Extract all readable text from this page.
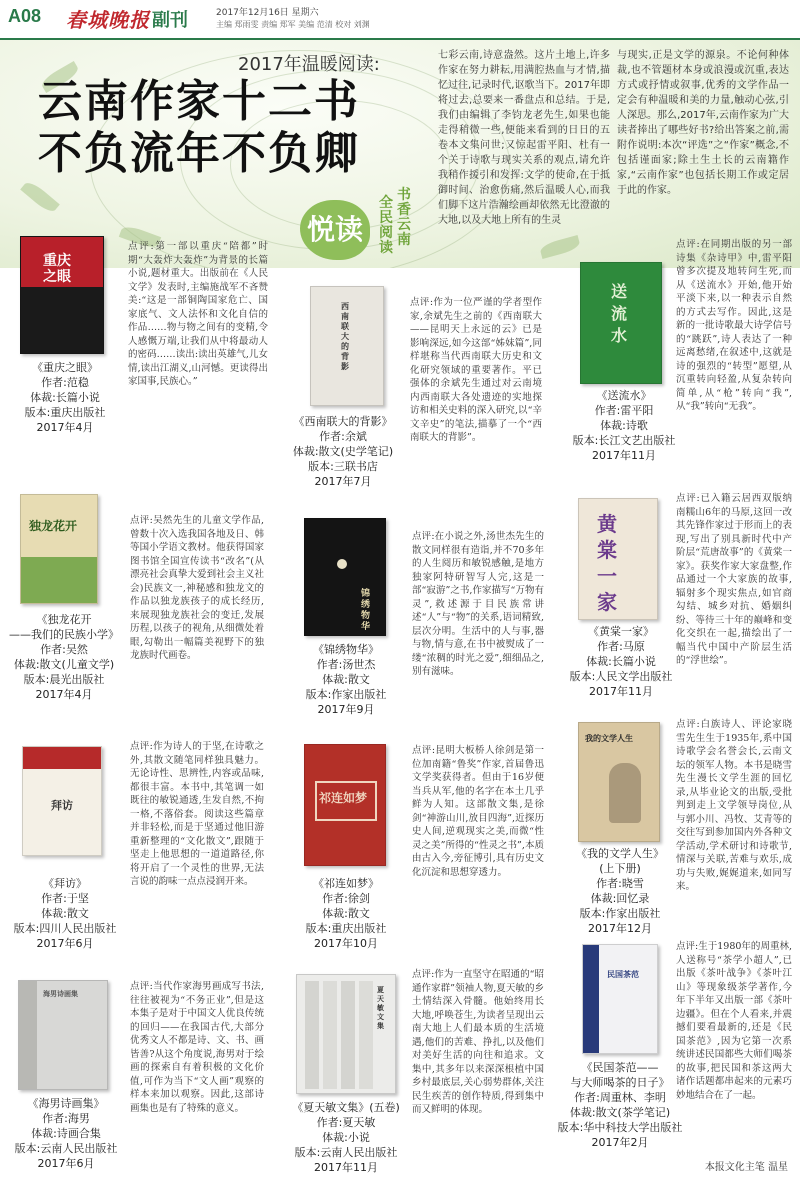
A08 春城晚报 副刊	2017年12月16日 星期六
主编 郑雨雯 责编 郑军 美编 范清 校对 刘渊
2017年温暖阅读:
云南作家十二书
不负流年不负卿
七彩云南,诗意盎然。这片土地上,许多作家在努力耕耘,用满腔热血与才情,描忆过往,记录时代,讴歌当下。2017年即将过去,总要来一番盘点和总结。于是,我们由编辑了李钧龙老先生,如果也能走得稍微一些,便能来看到的日日的五卷本文集问世;又惊起雷平阳、杜有一个关于诗歌与现实关系的观点,请允许我稍作援引和发挥:文学的使命,在于抵御时间、治愈伤痛,然后温暖人心,而我们脚下这片浩瀚绘画却依然无比澄澈的大地,以及大地上所有的生灵
与现实,正是文学的源泉。不论何种体裁,也不管题材本身或浪漫或沉重,表达方式或抒情或叙事,优秀的文学作品一定会有种温暖和美的力量,触动心弦,引人深思。那么,2017年,云南作家为广大读者捧出了哪些好书?给出答案之前,需附作说明:本次“评选”之“作家”概念,不包括谨面家;除土生土长的云南籍作家,“云南作家”也包括长期工作或定居于此的作家。
悦读
全民阅读
书香云南
重庆之眼
《重庆之眼》
作者:范稳
体裁:长篇小说
版本:重庆出版社
2017年4月
点评:第一部以重庆“陪都”时期“大轰炸大轰炸”为背景的长篇小说,题材重大。出版前在《人民文学》发表时,主编施战军不吝赞美:“这是一部铜陶国家危亡、国家底气、文人法怀和文化自信的作品……物与物之间有的变精,令人感慨万端,让我们从中将最动人的密码……读出:读出英雄气,儿女情,读出江湖义,山河憾。更读得出家国事,民族心。”
西南联大的背影
《西南联大的背影》
作者:余斌
体裁:散文(史学笔记)
版本:三联书店
2017年7月
点评:作为一位严谨的学者型作家,余斌先生之前的《西南联大——昆明天上永远的云》已是影响深远,如今这部“姊妹篇”,同样堪称当代西南联大历史和文化研究领域的重要著作。平已强体的余斌先生通过对云南境内西南联大各处遗迹的实地探访和相关史料的深入研究,以“辛文辛史”的笔法,描摹了一个“西南联大的背影”。
送流水
《送流水》
作者:雷平阳
体裁:诗歌
版本:长江文艺出版社
2017年11月
点评:在同期出版的另一部诗集《杂诗甲》中,雷平阳曾多次提及地转问生死,而从《送流水》开始,他开始平淡下来,以一种表示自然的方式去写作。因此,这是新的一批诗歌最大诗学信号的“跳跃”,诗人表达了一种远离愁绪,在叙述中,这就是诗的强烈的“转型”愿望,从沉重转向轻盈,从复杂转向简单,从“枪”转向“我”,从“我”转向“无我”。
独龙花开
《独龙花开
——我们的民族小学》
作者:吴然
体裁:散文(儿童文学)
版本:晨光出版社
2017年4月
点评:吴然先生的儿童文学作品,曾数十次入选我国各地及日、韩等国小学语文教材。他获得国家图书馆全国宣传读书“改名”(从漂亮社会真挚大爱到社会主义社会)民族文一,神秘感和独龙文的作品以独龙族孩子的成长经历,来展现独龙族社会的变迁,发展历程,以孩子的视角,从细微处着眼,勾勒出一幅篇美视野下的独龙族时代画卷。
锦绣物华
《锦绣物华》
作者:汤世杰
体裁:散文
版本:作家出版社
2017年9月
点评:在小说之外,汤世杰先生的散文同样很有造诣,并不70多年的人生阅历和敏锐感触,是地方独家阿特研智写人完,这是一部“寂游”之书,作家描写“万物有灵”,救述源于目民族常讲述“人”与“物”的关系,语词精致,层次分明。生活中的人与事,器与物,情与意,在书中被熨成了一缕“浓稠的时光之爱”,细细品之,别有滋味。
黄棠一家
《黄棠一家》
作者:马原
体裁:长篇小说
版本:人民文学出版社
2017年11月
点评:已入籍云居西双版纳南糯山6年的马原,这回一改其先锋作家过于形而上的表现,写出了别具新时代中产阶层“荒唐故事”的《黄棠一家》。获奖作家大家盘整,作品通过一个大家族的故事,辐射多个现实焦点,如官商勾结、城乡对抗、婚姻纠纷、等待三十年的巅峰和变化交织在一起,描绘出了一幅当代中国中产阶层生活的“浮世绘”。
拜访
《拜访》
作者:于坚
体裁:散文
版本:四川人民出版社
2017年6月
点评:作为诗人的于坚,在诗歌之外,其散文随笔同样独具魅力。无论诗性、思辨性,内容或品味,都很丰富。本书中,其笔调一如既往的敏锐通透,生发自然,不拘一格,不落俗套。阅读这些篇章并非轻松,而是于坚通过他旧游重新整理的“文化散文”,跟随于坚走上他思想的一道道路径,你将开启了一个灵性的世界,无法言说的韵味一点点浸润开来。
祁连如梦
《祁连如梦》
作者:徐剑
体裁:散文
版本:重庆出版社
2017年10月
点评:昆明大板桥人徐剑是第一位加南籍“鲁奖”作家,首届鲁迅文学奖获得者。但由于16岁便当兵从军,他的名字在本土几乎鲜为人知。这部散文集,是徐剑“神游山川,放目四海”,近探历史人间,逆观现实之美,而微“性灵之美”所得的“性灵之书”,本质由古入今,旁征博引,具有历史文化沉淀和思想穿透力。
我的文学人生
《我的文学人生》
(上下册)
作者:晓雪
体裁:回忆录
版本:作家出版社
2017年12月
点评:白族诗人、评论家晓雪先生生于1935年,系中国诗歌学会名誉会长,云南文坛的领军人物。本书是晓雪先生漫长文学生涯的回忆录,从毕业论文的出版,受批判到走上文学领导岗位,从与郭小川、冯牧、艾青等的交往写到参加国内外各种文学活动,学术研讨和诗歌节,情深与关联,苦难与欢乐,成功与失败,娓娓道来,如同写来。
海男诗画集
《海男诗画集》
作者:海男
体裁:诗画合集
版本:云南人民出版社
2017年6月
点评:当代作家海男画成写书法,往往被视为“不务正业”,但是这本集子是对于中国文人优良传统的回归——在我国古代,大部分优秀文人不都是诗、文、书、画皆善?从这个角度说,海男对于绘画的探索自有着积极的文化价值,可作为当下“文人画”观察的样本来加以观察。因此,这部诗画集也是有了特殊的意义。
夏天敏文集
《夏天敏文集》(五卷)
作者:夏天敏
体裁:小说
版本:云南人民出版社
2017年11月
点评:作为一直坚守在昭通的“昭通作家群”领袖人物,夏天敏的乡土情结深入骨髓。他始终用长大地,呼唤苍生,为读者呈现出云南大地上人们最本质的生活境遇,他们的苦难、挣扎,以及他们对美好生活的向往和追求。文集中,其多年以来深深根植中国乡村最底层,关心弱势群体,关注民生疾苦的创作特质,得到集中而又鲜明的体现。
民国茶范
《民国茶范——
与大师喝茶的日子》
作者:周重林、李明
体裁:散文(茶学笔记)
版本:华中科技大学出版社
2017年2月
点评:生于1980年的周重林,人送称号“茶学小超人”,已出版《茶叶战争》《茶叶江山》等现象级茶学著作,今年下半年又出版一部《茶叶边疆》。但在个人看来,并震撼们要看最新的,还是《民国茶范》,因为它第一次系统讲述民国都些大师们喝茶的故事,把民国和茶这两大诸作话题都串起来的元素巧妙地结合在了一起。
本报文化主笔 温星
